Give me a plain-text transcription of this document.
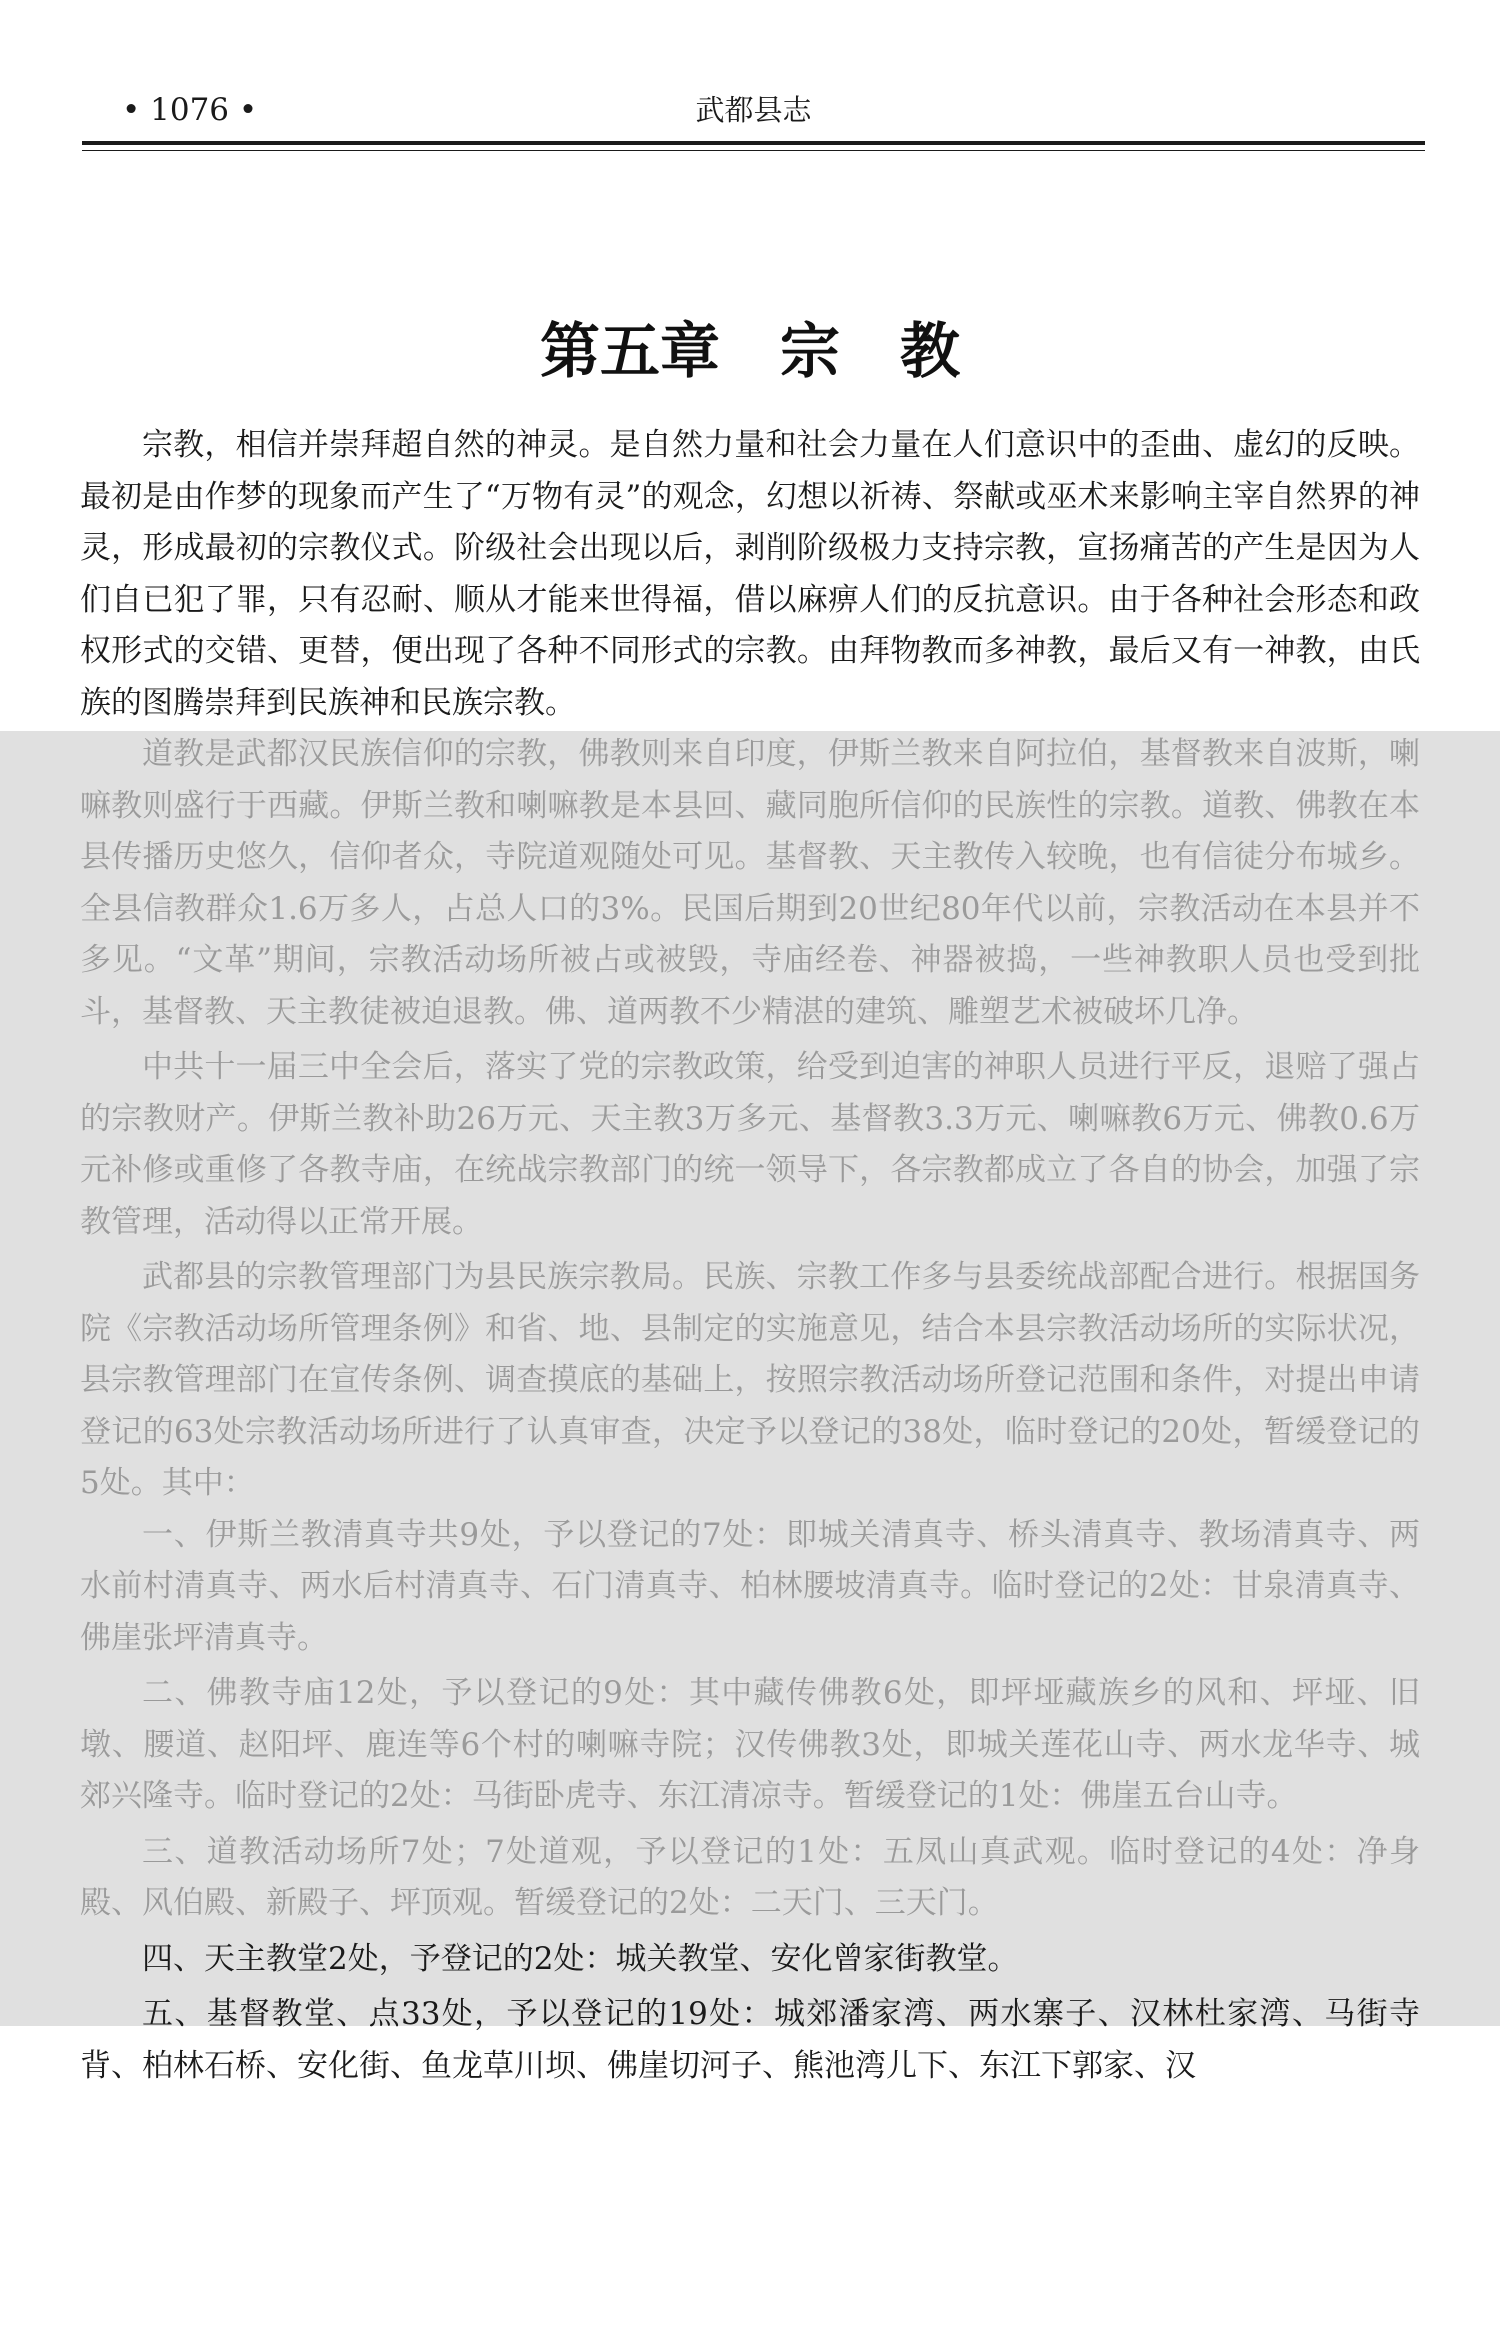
• 1076 •	武都县志
第五章　宗　教

宗教，相信并崇拜超自然的神灵。是自然力量和社会力量在人们意识中的歪曲、虚幻的反映。最初是由作梦的现象而产生了“万物有灵”的观念，幻想以祈祷、祭献或巫术来影响主宰自然界的神灵，形成最初的宗教仪式。阶级社会出现以后，剥削阶级极力支持宗教，宣扬痛苦的产生是因为人们自已犯了罪，只有忍耐、顺从才能来世得福，借以麻痹人们的反抗意识。由于各种社会形态和政权形式的交错、更替，便出现了各种不同形式的宗教。由拜物教而多神教，最后又有一神教，由氏族的图腾崇拜到民族神和民族宗教。

道教是武都汉民族信仰的宗教，佛教则来自印度，伊斯兰教来自阿拉伯，基督教来自波斯，喇嘛教则盛行于西藏。伊斯兰教和喇嘛教是本县回、藏同胞所信仰的民族性的宗教。道教、佛教在本县传播历史悠久，信仰者众，寺院道观随处可见。基督教、天主教传入较晚，也有信徒分布城乡。全县信教群众1.6万多人，占总人口的3%。民国后期到20世纪80年代以前，宗教活动在本县并不多见。“文革”期间，宗教活动场所被占或被毁，寺庙经卷、神器被捣，一些神教职人员也受到批斗，基督教、天主教徒被迫退教。佛、道两教不少精湛的建筑、雕塑艺术被破坏几净。

中共十一届三中全会后，落实了党的宗教政策，给受到迫害的神职人员进行平反，退赔了强占的宗教财产。伊斯兰教补助26万元、天主教3万多元、基督教3.3万元、喇嘛教6万元、佛教0.6万元补修或重修了各教寺庙，在统战宗教部门的统一领导下，各宗教都成立了各自的协会，加强了宗教管理，活动得以正常开展。

武都县的宗教管理部门为县民族宗教局。民族、宗教工作多与县委统战部配合进行。根据国务院《宗教活动场所管理条例》和省、地、县制定的实施意见，结合本县宗教活动场所的实际状况，县宗教管理部门在宣传条例、调查摸底的基础上，按照宗教活动场所登记范围和条件，对提出申请登记的63处宗教活动场所进行了认真审查，决定予以登记的38处，临时登记的20处，暂缓登记的5处。其中：

一、伊斯兰教清真寺共9处，予以登记的7处：即城关清真寺、桥头清真寺、教场清真寺、两水前村清真寺、两水后村清真寺、石门清真寺、柏林腰坡清真寺。临时登记的2处：甘泉清真寺、佛崖张坪清真寺。

二、佛教寺庙12处，予以登记的9处：其中藏传佛教6处，即坪垭藏族乡的风和、坪垭、旧墩、腰道、赵阳坪、鹿连等6个村的喇嘛寺院；汉传佛教3处，即城关莲花山寺、两水龙华寺、城郊兴隆寺。临时登记的2处：马街卧虎寺、东江清凉寺。暂缓登记的1处：佛崖五台山寺。

三、道教活动场所7处；7处道观，予以登记的1处：五凤山真武观。临时登记的4处：净身殿、风伯殿、新殿子、坪顶观。暂缓登记的2处：二天门、三天门。

四、天主教堂2处，予登记的2处：城关教堂、安化曾家街教堂。

五、基督教堂、点33处，予以登记的19处：城郊潘家湾、两水寨子、汉林杜家湾、马街寺背、柏林石桥、安化街、鱼龙草川坝、佛崖切河子、熊池湾儿下、东江下郭家、汉
